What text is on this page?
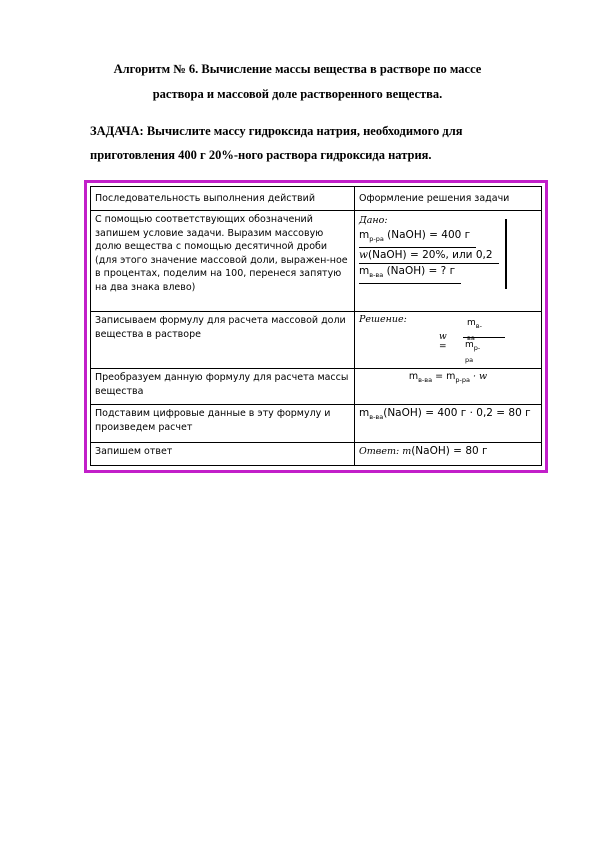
Алгоритм № 6. Вычисление массы вещества в растворе по массе
раствора и массовой доле растворенного вещества.
ЗАДАЧА: Вычислите массу гидроксида натрия, необходимого для
приготовления 400 г 20%-ного раствора гидроксида натрия.
Последовательность выполнения действий	Оформление решения задачи
С помощью соответствующих обозначений запишем условие задачи. Выразим массовую долю вещества с помощью десятичной дроби (для этого значение массовой доли, выражен-ное в процентах, поделим на 100, перенеся запятую на два знака влево)	Дано:
$m_{р-ра}$ (NaOH) = 400 г w(NaOH) = 20%, или 0,2 $m_{в-ва}$ (NaOH) = ? г

Записываем формулу для расчета массовой доли вещества в растворе	Решение:
w =
$m_{в-}$
$m_{р-ра}$

Преобразуем данную формулу для расчета массы вещества	$m_{в-ва} = m_{р-ра} \cdot w$
Подставим цифровые данные в эту формулу и произведем расчет	$m_{в-ва}(NaOH) = 400$ г · 0,2 = 80 г
Запишем ответ	Ответ: m(NaOH) = 80 г
